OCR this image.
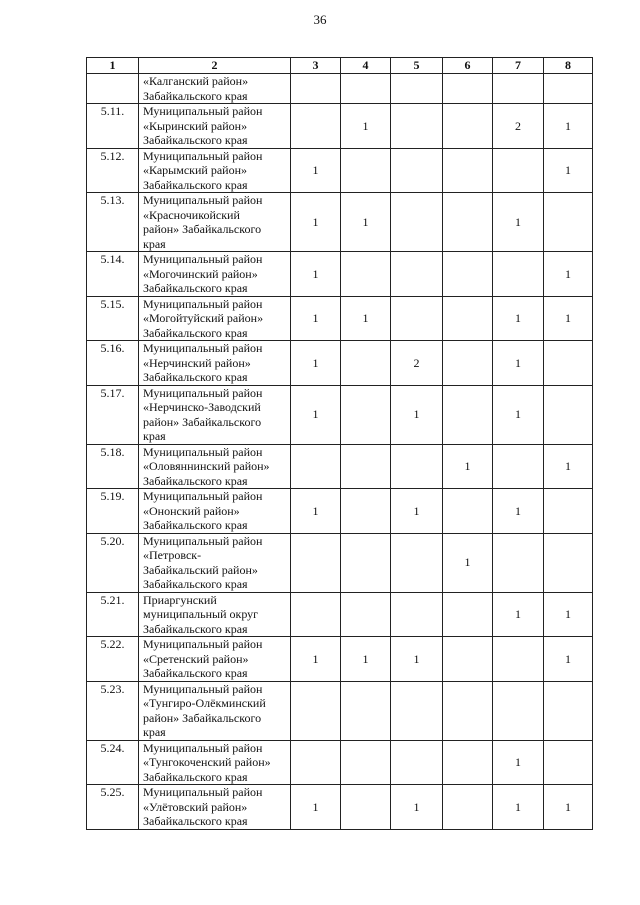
36
1	2	3	4	5	6	7	8

	«Калганский район»
Забайкальского края						

5.11.	Муниципальный район
«Кыринский район»
Забайкальского края		1			2	1
5.12.	Муниципальный район
«Карымский район»
Забайкальского края	1					1
5.13.	Муниципальный район
«Красночикойский
район» Забайкальского
края	1	1			1	
5.14.	Муниципальный район
«Могочинский район»
Забайкальского края	1					1
5.15.	Муниципальный район
«Могойтуйский район»
Забайкальского края	1	1			1	1
5.16.	Муниципальный район
«Нерчинский район»
Забайкальского края	1		2		1	
5.17.	Муниципальный район
«Нерчинско-Заводский
район» Забайкальского
края	1		1		1	
5.18.	Муниципальный район
«Оловяннинский район»
Забайкальского края				1		1
5.19.	Муниципальный район
«Ононский район»
Забайкальского края	1		1		1	
5.20.	Муниципальный район
«Петровск-
Забайкальский район»
Забайкальского края				1		
5.21.	Приаргунский
муниципальный округ
Забайкальского края					1	1
5.22.	Муниципальный район
«Сретенский район»
Забайкальского края	1	1	1			1
5.23.	Муниципальный район
«Тунгиро-Олёкминский
район» Забайкальского
края						

5.24.	Муниципальный район
«Тунгокоченский район»
Забайкальского края					1	
5.25.	Муниципальный район
«Улётовский район»
Забайкальского края	1		1		1	1
